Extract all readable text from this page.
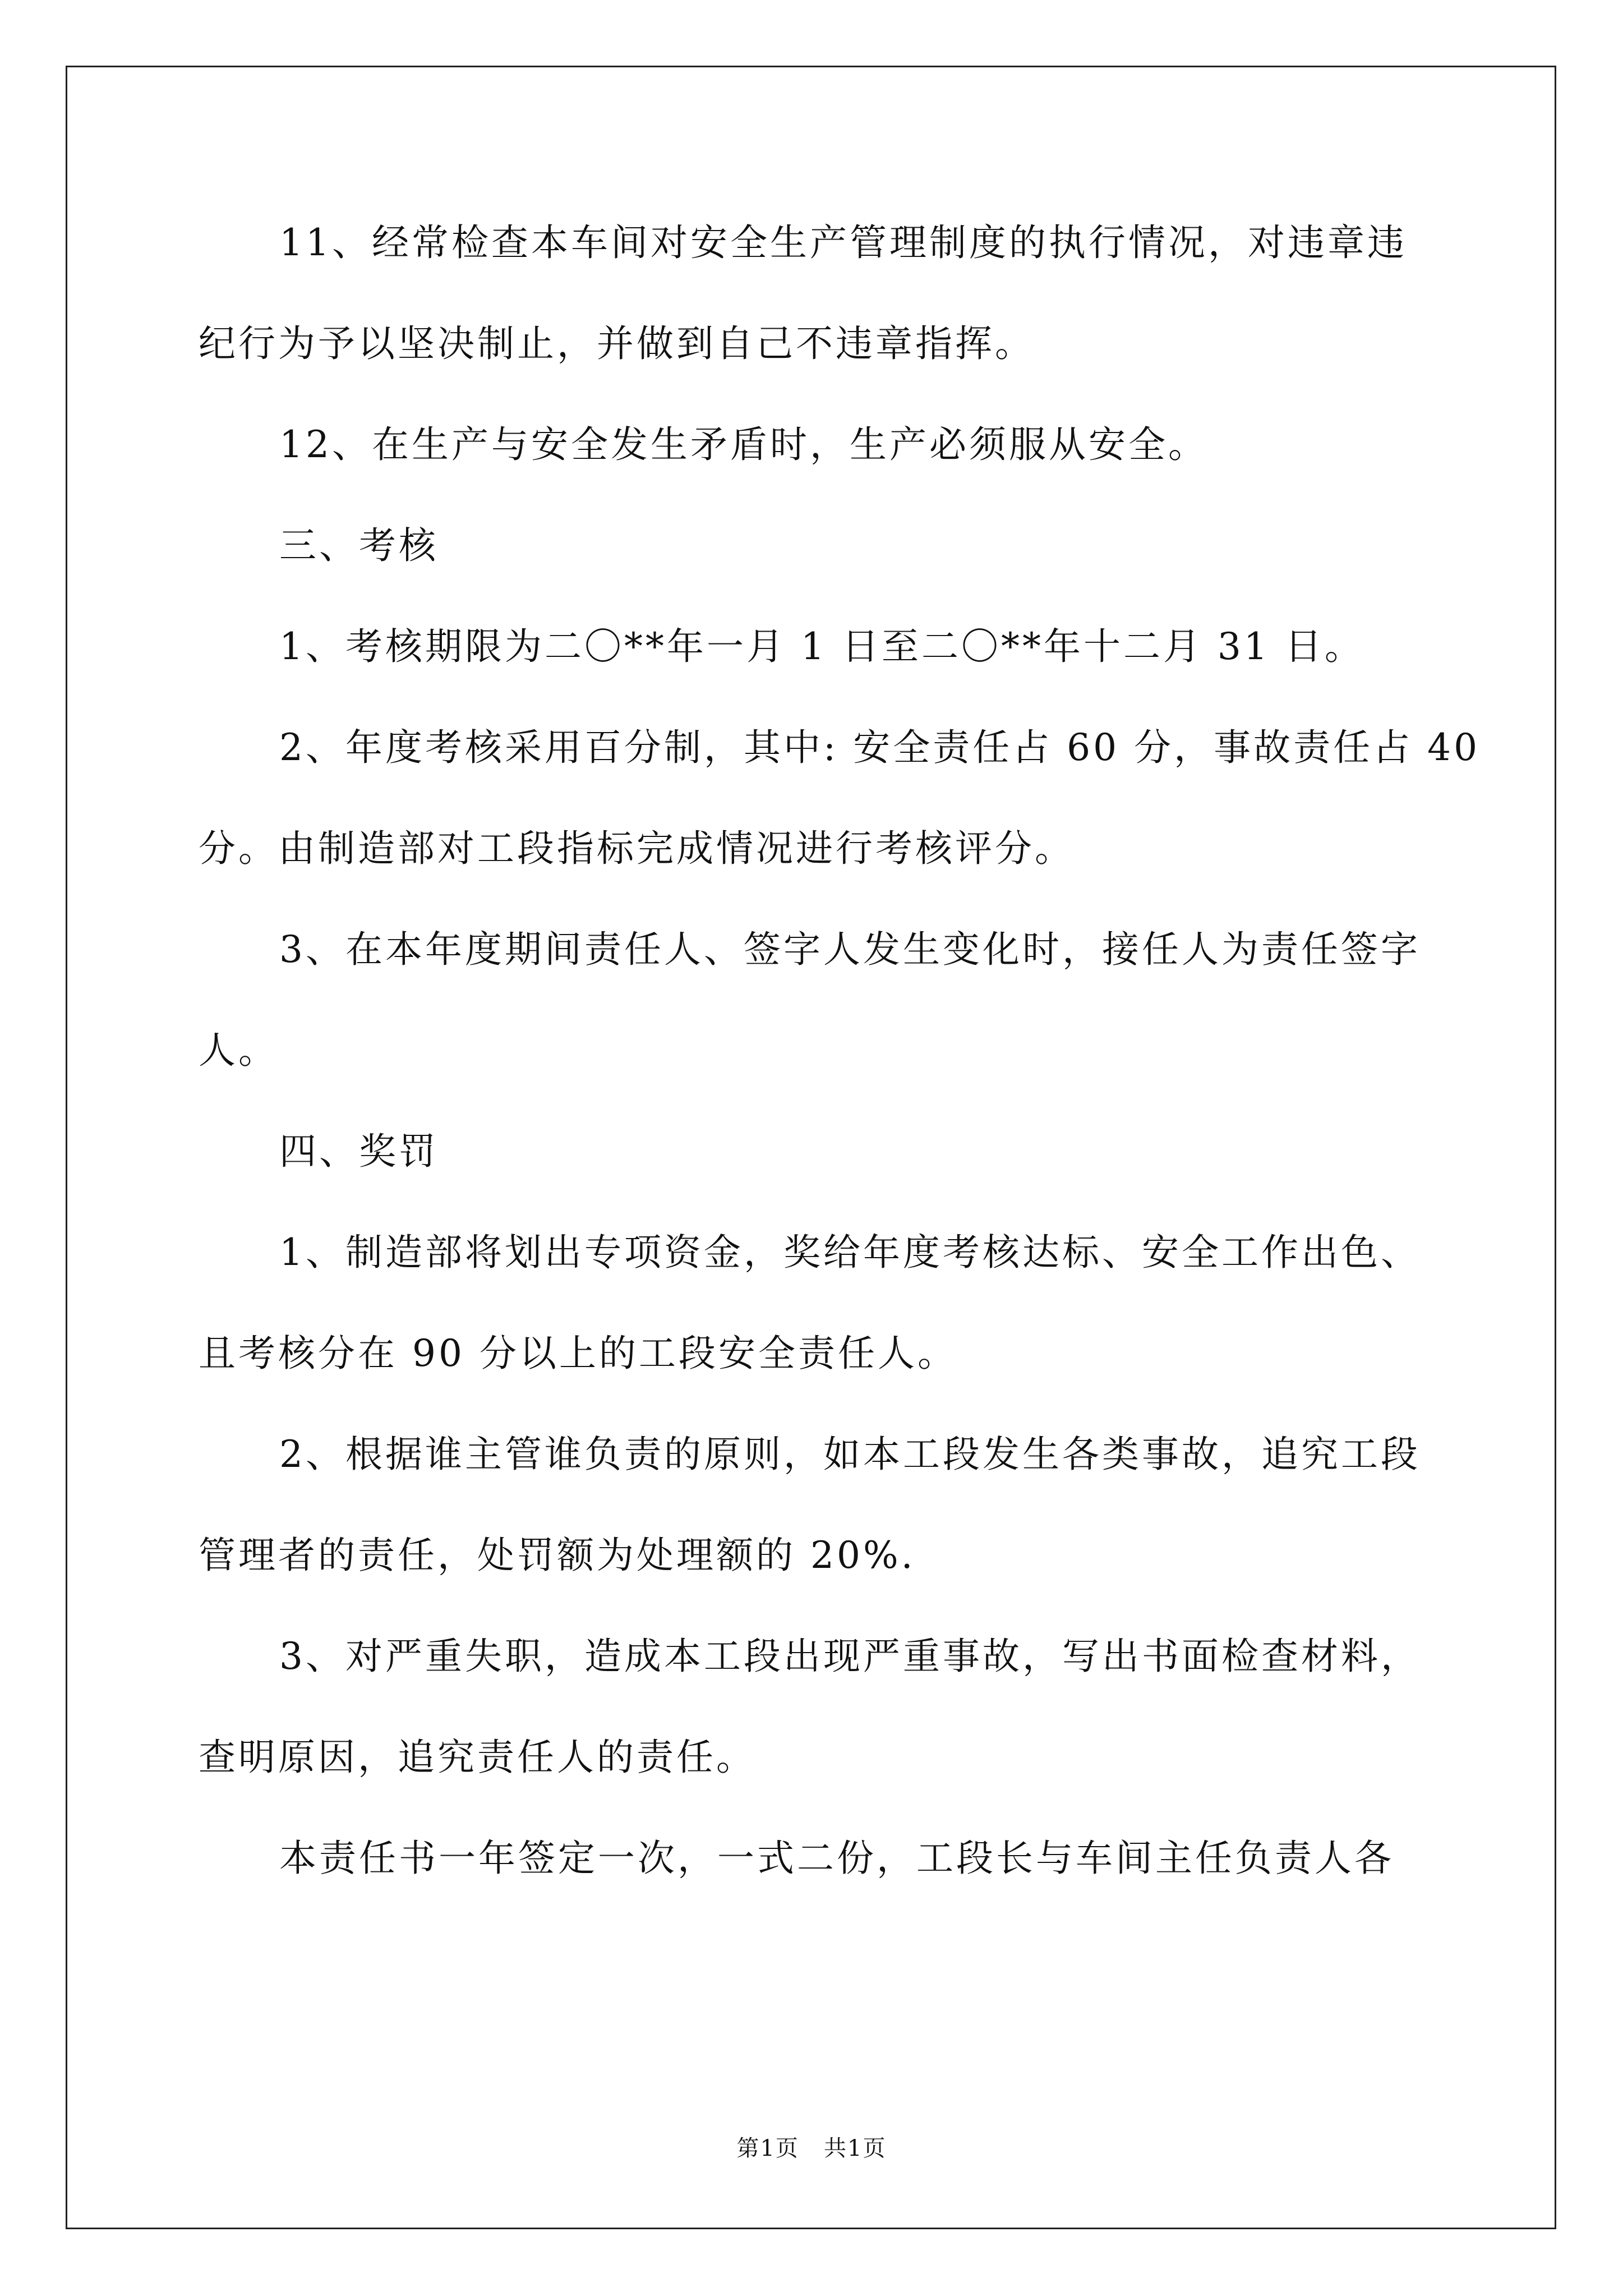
11、经常检查本车间对安全生产管理制度的执行情况，对违章违
纪行为予以坚决制止，并做到自己不违章指挥。
12、在生产与安全发生矛盾时，生产必须服从安全。
三、考核
1、考核期限为二〇**年一月 1 日至二〇**年十二月 31 日。
2、年度考核采用百分制，其中: 安全责任占 60 分，事故责任占 40
分。由制造部对工段指标完成情况进行考核评分。
3、在本年度期间责任人、签字人发生变化时，接任人为责任签字
人。
四、奖罚
1、制造部将划出专项资金，奖给年度考核达标、安全工作出色、
且考核分在 90 分以上的工段安全责任人。
2、根据谁主管谁负责的原则，如本工段发生各类事故，追究工段
管理者的责任，处罚额为处理额的 20%.
3、对严重失职，造成本工段出现严重事故，写出书面检查材料，
查明原因，追究责任人的责任。
本责任书一年签定一次，一式二份，工段长与车间主任负责人各
第1页   共1页
